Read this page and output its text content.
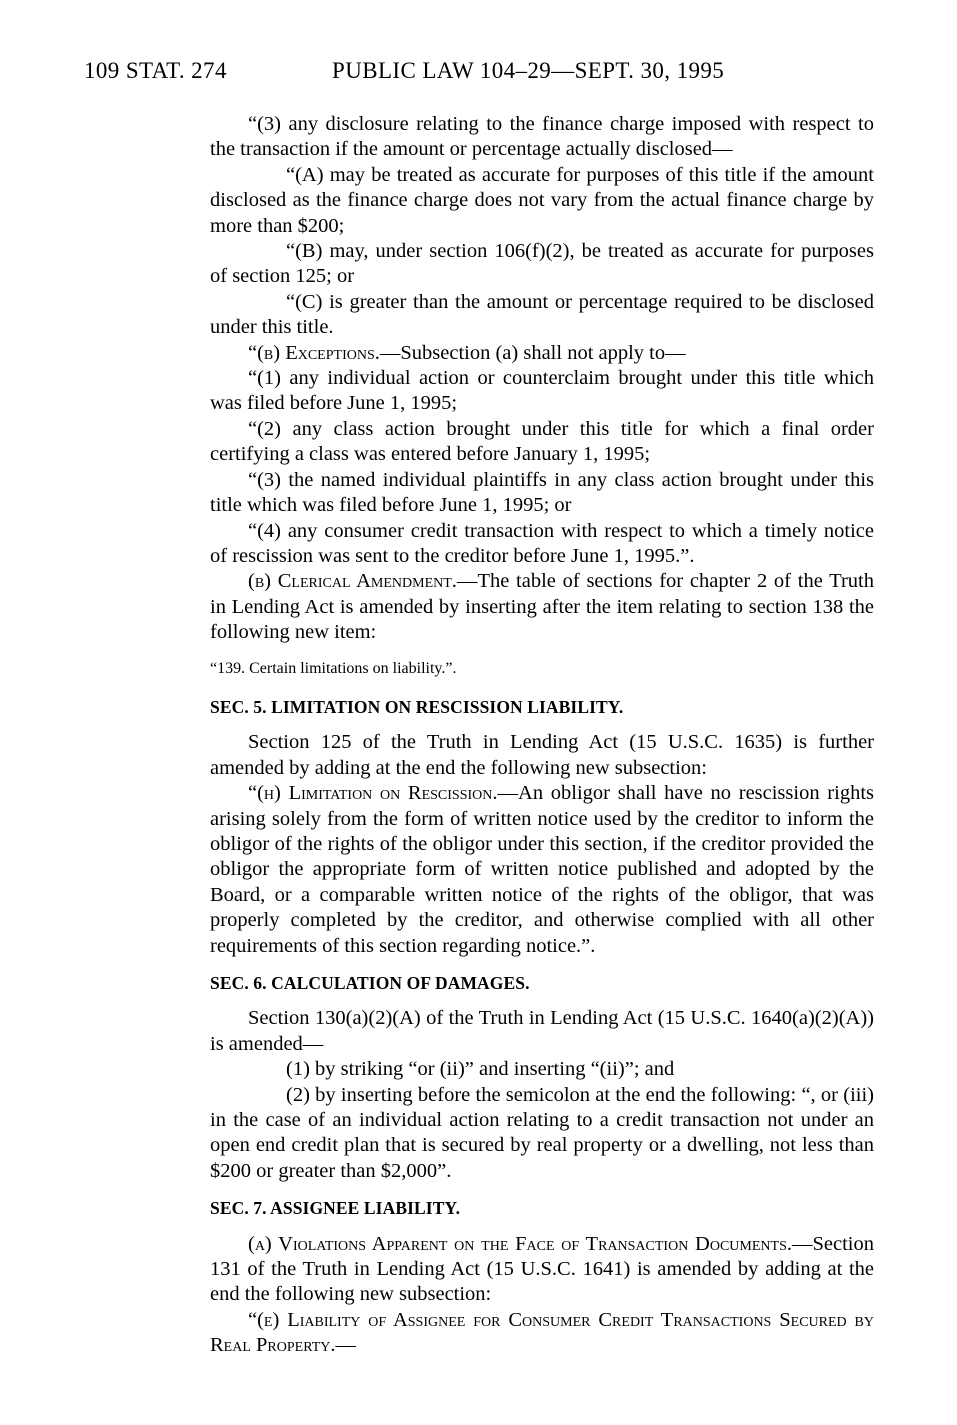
109 STAT. 274	PUBLIC LAW 104–29—SEPT. 30, 1995

“(3) any disclosure relating to the finance charge imposed with respect to the transaction if the amount or percentage actually disclosed—

“(A) may be treated as accurate for purposes of this title if the amount disclosed as the finance charge does not vary from the actual finance charge by more than $200;

“(B) may, under section 106(f)(2), be treated as accurate for purposes of section 125; or

“(C) is greater than the amount or percentage required to be disclosed under this title.

“(b) Exceptions.—Subsection (a) shall not apply to—

“(1) any individual action or counterclaim brought under this title which was filed before June 1, 1995;

“(2) any class action brought under this title for which a final order certifying a class was entered before January 1, 1995;

“(3) the named individual plaintiffs in any class action brought under this title which was filed before June 1, 1995; or

“(4) any consumer credit transaction with respect to which a timely notice of rescission was sent to the creditor before June 1, 1995.”.

(b) Clerical Amendment.—The table of sections for chapter 2 of the Truth in Lending Act is amended by inserting after the item relating to section 138 the following new item:

“139. Certain limitations on liability.”.

SEC. 5. LIMITATION ON RESCISSION LIABILITY.

Section 125 of the Truth in Lending Act (15 U.S.C. 1635) is further amended by adding at the end the following new subsection:

“(h) Limitation on Rescission.—An obligor shall have no rescission rights arising solely from the form of written notice used by the creditor to inform the obligor of the rights of the obligor under this section, if the creditor provided the obligor the appropriate form of written notice published and adopted by the Board, or a comparable written notice of the rights of the obligor, that was properly completed by the creditor, and otherwise complied with all other requirements of this section regarding notice.”.

SEC. 6. CALCULATION OF DAMAGES.

Section 130(a)(2)(A) of the Truth in Lending Act (15 U.S.C. 1640(a)(2)(A)) is amended—

(1) by striking “or (ii)” and inserting “(ii)”; and

(2) by inserting before the semicolon at the end the following: “, or (iii) in the case of an individual action relating to a credit transaction not under an open end credit plan that is secured by real property or a dwelling, not less than $200 or greater than $2,000”.

SEC. 7. ASSIGNEE LIABILITY.

(a) Violations Apparent on the Face of Transaction Documents.—Section 131 of the Truth in Lending Act (15 U.S.C. 1641) is amended by adding at the end the following new subsection:

“(e) Liability of Assignee for Consumer Credit Transactions Secured by Real Property.—
